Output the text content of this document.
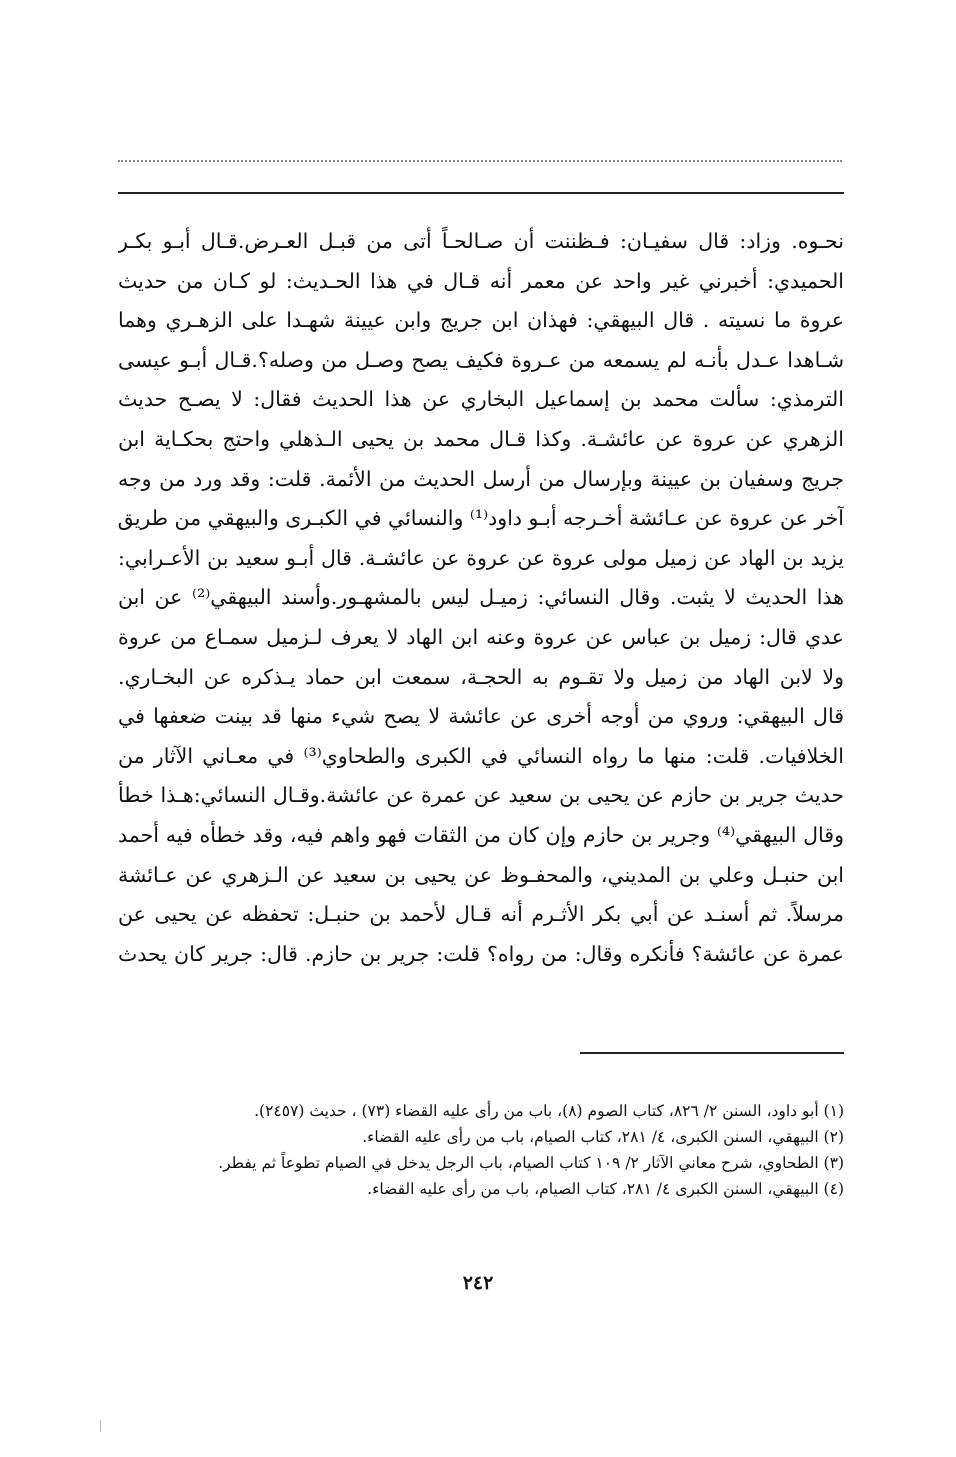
نحـوه. وزاد: قال سفيـان: فـظننت أن صـالحـاً أتى من قبـل العـرض.قـال أبـو بكـر
الحميدي: أخبرني غير واحد عن معمر أنه قـال في هذا الحـديث: لو كـان من حديث
عروة ما نسيته . قال البيهقي: فهذان ابن جريج وابن عيينة شهـدا على الزهـري وهما
شـاهدا عـدل بأنـه لم يسمعه من عـروة فكيف يصح وصـل من وصله؟.قـال أبـو عيسى
الترمذي: سألت محمد بن إسماعيل البخاري عن هذا الحديث فقال: لا يصـح حديث
الزهري عن عروة عن عائشـة. وكذا قـال محمد بن يحيى الـذهلي واحتج بحكـاية ابن
جريج وسفيان بن عيينة وبإرسال من أرسل الحديث من الأئمة. قلت: وقد ورد من وجه
آخر عن عروة عن عـائشة أخـرجه أبـو داود⁽¹⁾ والنسائي في الكبـرى والبيهقي من طريق
يزيد بن الهاد عن زميل مولى عروة عن عروة عن عائشـة. قال أبـو سعيد بن الأعـرابي:
هذا الحديث لا يثبت. وقال النسائي: زميـل ليس بالمشهـور.وأسند البيهقي⁽²⁾ عن ابن
عدي قال: زميل بن عباس عن عروة وعنه ابن الهاد لا يعرف لـزميل سمـاع من عروة
ولا لابن الهاد من زميل ولا تقـوم به الحجـة، سمعت ابن حماد يـذكره عن البخـاري.
قال البيهقي: وروي من أوجه أخرى عن عائشة لا يصح شيء منها قد بينت ضعفها في
الخلافيات. قلت: منها ما رواه النسائي في الكبرى والطحاوي⁽³⁾ في معـاني الآثار من
حديث جرير بن حازم عن يحيى بن سعيد عن عمرة عن عائشة.وقـال النسائي:هـذا خطأ
وقال البيهقي⁽⁴⁾ وجرير بن حازم وإن كان من الثقات فهو واهم فيه، وقد خطأه فيه أحمد
ابن حنبـل وعلي بن المديني، والمحفـوظ عن يحيى بن سعيد عن الـزهري عن عـائشة
مرسلاً. ثم أسنـد عن أبي بكر الأثـرم أنه قـال لأحمد بن حنبـل: تحفظه عن يحيى عن
عمرة عن عائشة؟ فأنكره وقال: من رواه؟ قلت: جرير بن حازم. قال: جرير كان يحدث
(١) أبو داود، السنن ٢/ ٨٢٦، كتاب الصوم (٨)، باب من رأى عليه القضاء (٧٣) ، حديث (٢٤٥٧).
(٢) البيهقي، السنن الكبرى، ٤/ ٢٨١، كتاب الصيام، باب من رأى عليه القضاء.
(٣) الطحاوي، شرح معاني الآثار ٢/ ١٠٩ كتاب الصيام، باب الرجل يدخل في الصيام تطوعاً ثم يفطر.
(٤) البيهقي، السنن الكبرى ٤/ ٢٨١، كتاب الصيام، باب من رأى عليه القضاء.
٢٤٢
